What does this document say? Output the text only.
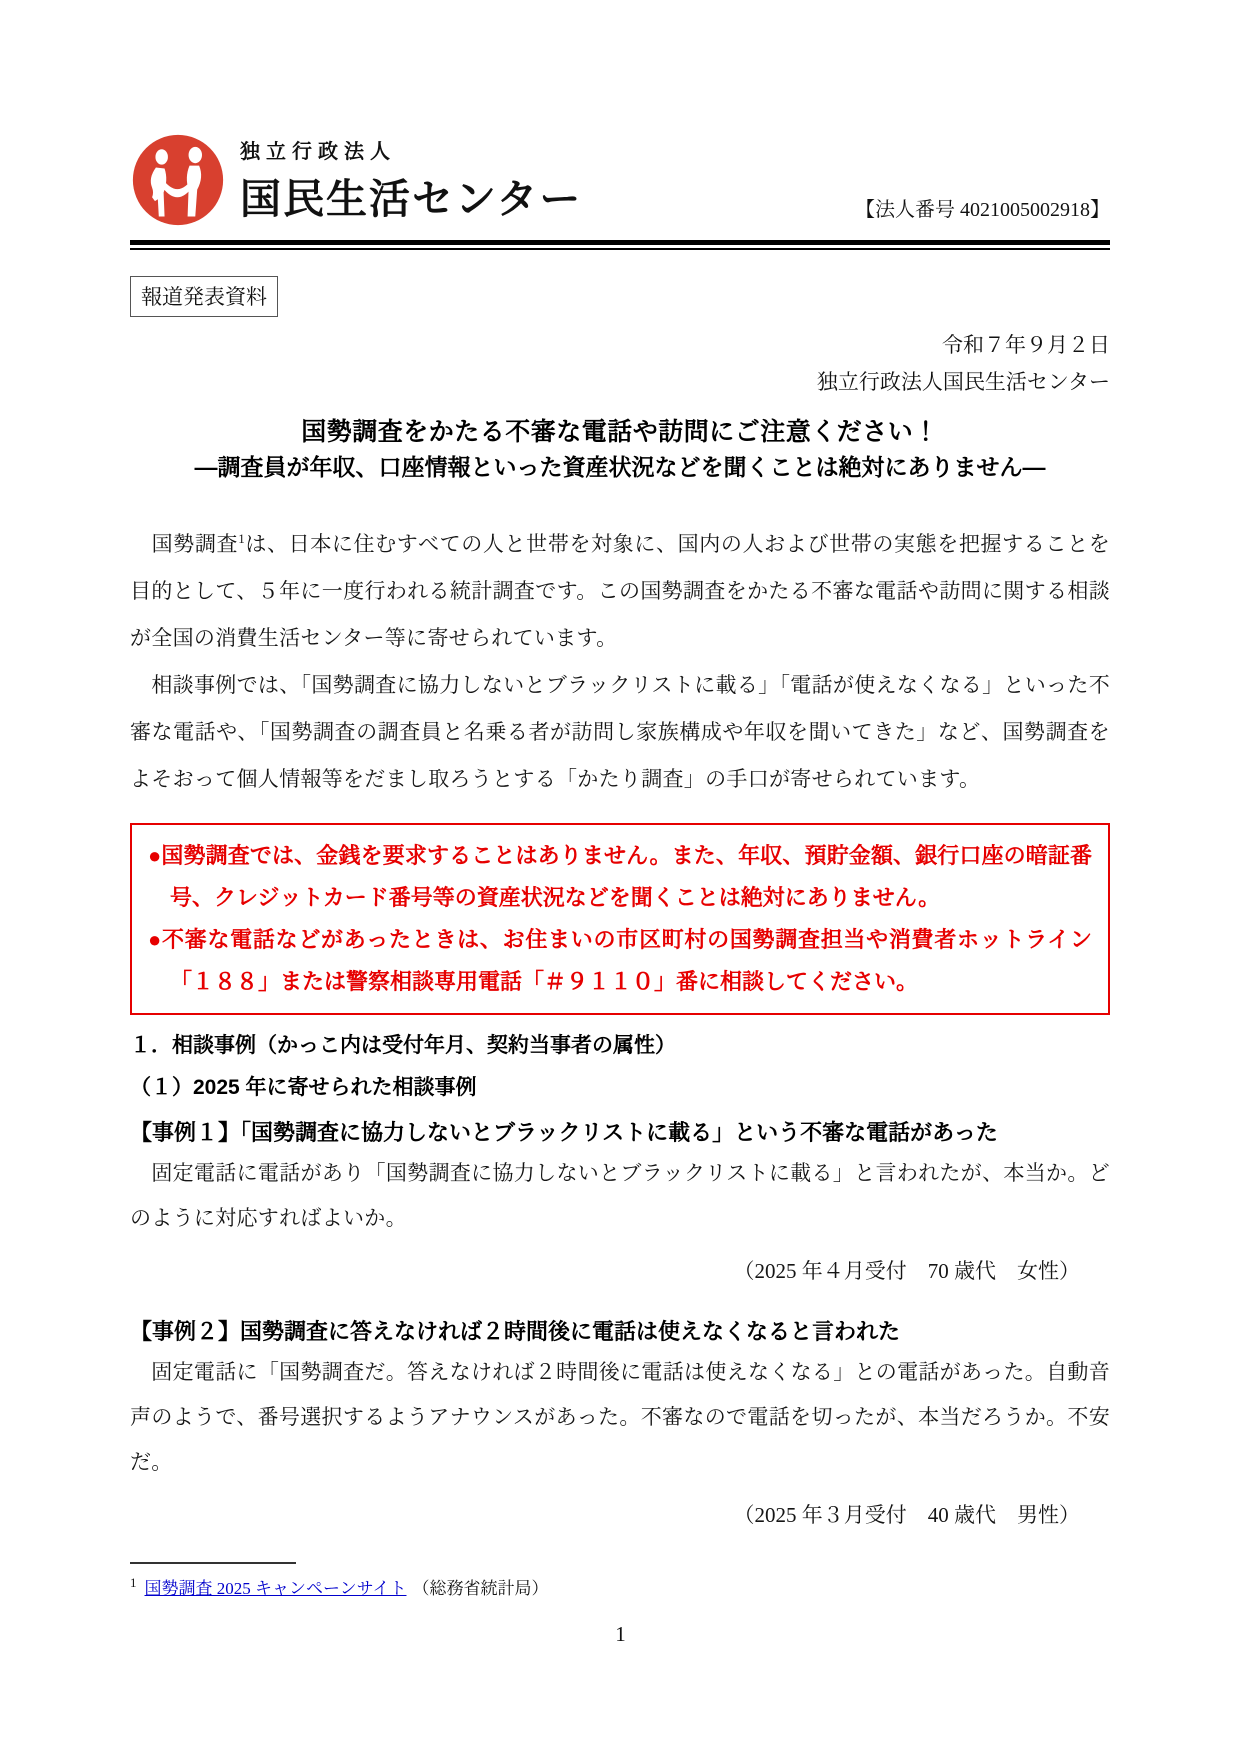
独立行政法人
国民生活センター	【法人番号 4021005002918】
報道発表資料
令和７年９月２日
独立行政法人国民生活センター
国勢調査をかたる不審な電話や訪問にご注意ください！
―調査員が年収、口座情報といった資産状況などを聞くことは絶対にありません―

　国勢調査$^1$は、日本に住むすべての人と世帯を対象に、国内の人および世帯の実態を把握することを目的として、５年に一度行われる統計調査です。この国勢調査をかたる不審な電話や訪問に関する相談が全国の消費生活センター等に寄せられています。

　相談事例では、「国勢調査に協力しないとブラックリストに載る」「電話が使えなくなる」といった不審な電話や、「国勢調査の調査員と名乗る者が訪問し家族構成や年収を聞いてきた」など、国勢調査をよそおって個人情報等をだまし取ろうとする「かたり調査」の手口が寄せられています。

●国勢調査では、金銭を要求することはありません。また、年収、預貯金額、銀行口座の暗証番号、クレジットカード番号等の資産状況などを聞くことは絶対にありません。
●不審な電話などがあったときは、お住まいの市区町村の国勢調査担当や消費者ホットライン「１８８」または警察相談専用電話「＃９１１０」番に相談してください。
１．相談事例（かっこ内は受付年月、契約当事者の属性）
（１）2025 年に寄せられた相談事例
【事例１】「国勢調査に協力しないとブラックリストに載る」という不審な電話があった

　固定電話に電話があり「国勢調査に協力しないとブラックリストに載る」と言われたが、本当か。どのように対応すればよいか。

（2025 年４月受付　70 歳代　女性）
【事例２】国勢調査に答えなければ２時間後に電話は使えなくなると言われた

　固定電話に「国勢調査だ。答えなければ２時間後に電話は使えなくなる」との電話があった。自動音声のようで、番号選択するようアナウンスがあった。不審なので電話を切ったが、本当だろうか。不安だ。

（2025 年３月受付　40 歳代　男性）
$^1$ 国勢調査 2025 キャンペーンサイト （総務省統計局）
1
